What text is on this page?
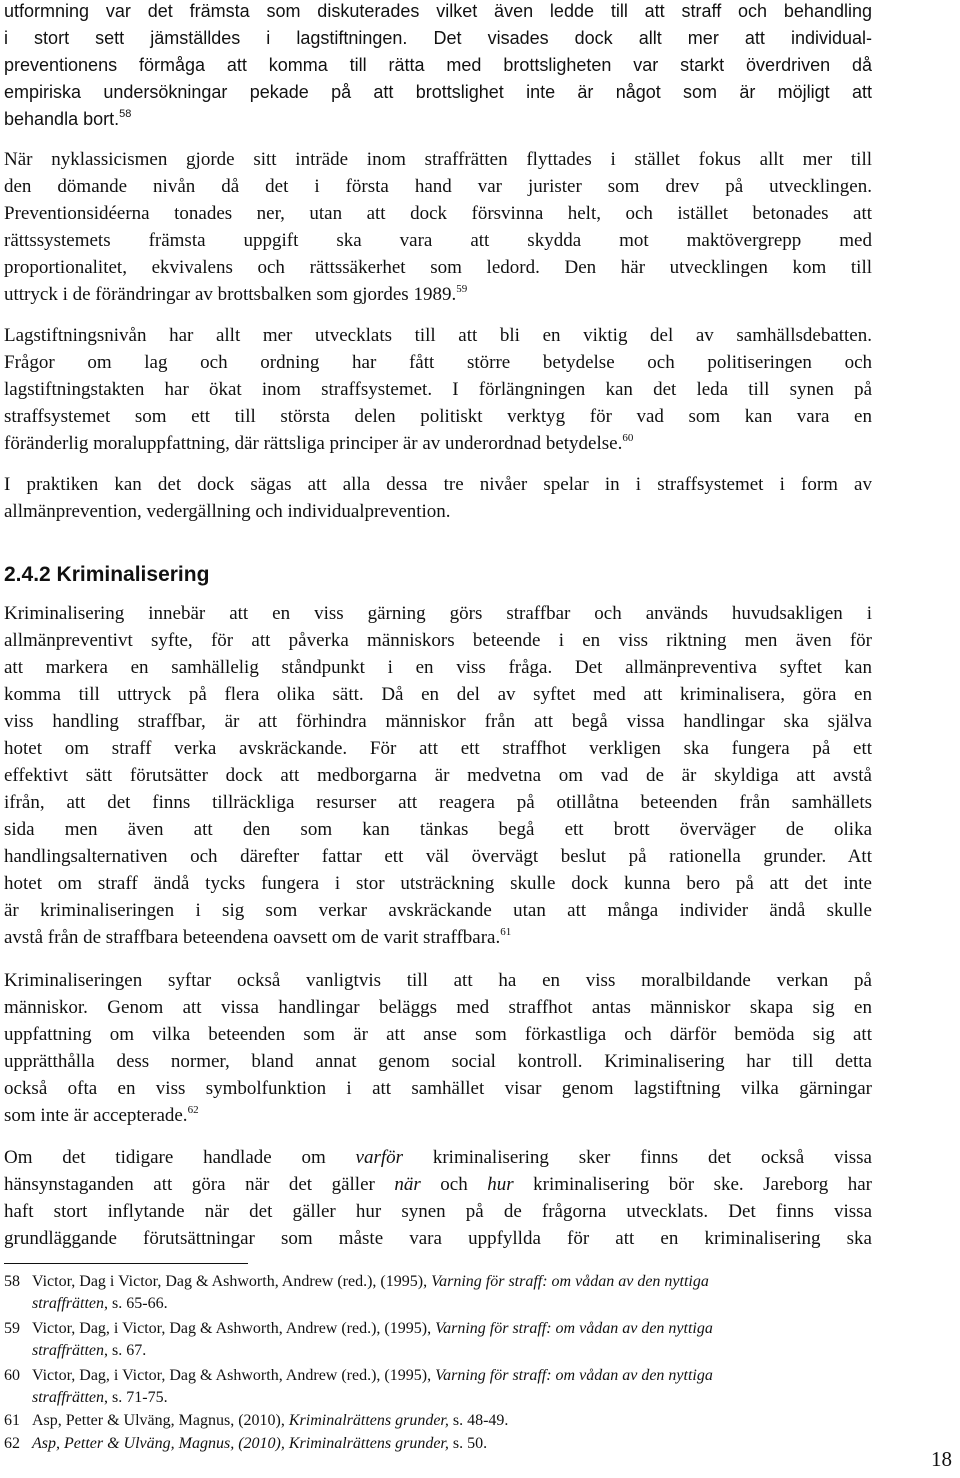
utformning var det främsta som diskuterades vilket även ledde till att straff och behandling
i stort sett jämställdes i lagstiftningen. Det visades dock allt mer att individual-
preventionens förmåga att komma till rätta med brottsligheten var starkt överdriven då
empiriska undersökningar pekade på att brottslighet inte är något som är möjligt att
behandla bort.$^{58}$
När nyklassicismen gjorde sitt inträde inom straffrätten flyttades i stället fokus allt mer till
den dömande nivån då det i första hand var jurister som drev på utvecklingen.
Preventionsidéerna tonades ner, utan att dock försvinna helt, och istället betonades att
rättssystemets främsta uppgift ska vara att skydda mot maktövergrepp med
proportionalitet, ekvivalens och rättssäkerhet som ledord. Den här utvecklingen kom till
uttryck i de förändringar av brottsbalken som gjordes 1989.59
Lagstiftningsnivån har allt mer utvecklats till att bli en viktig del av samhällsdebatten.
Frågor om lag och ordning har fått större betydelse och politiseringen och
lagstiftningstakten har ökat inom straffsystemet. I förlängningen kan det leda till synen på
straffsystemet som ett till största delen politiskt verktyg för vad som kan vara en
föränderlig moraluppfattning, där rättsliga principer är av underordnad betydelse.$^{60}$
I praktiken kan det dock sägas att alla dessa tre nivåer spelar in i straffsystemet i form av
allmänprevention, vedergällning och individualprevention.
2.4.2 Kriminalisering
Kriminalisering innebär att en viss gärning görs straffbar och används huvudsakligen i
allmänpreventivt syfte, för att påverka människors beteende i en viss riktning men även för
att markera en samhällelig ståndpunkt i en viss fråga. Det allmänpreventiva syftet kan
komma till uttryck på flera olika sätt. Då en del av syftet med att kriminalisera, göra en
viss handling straffbar, är att förhindra människor från att begå vissa handlingar ska själva
hotet om straff verka avskräckande. För att ett straffhot verkligen ska fungera på ett
effektivt sätt förutsätter dock att medborgarna är medvetna om vad de är skyldiga att avstå
ifrån, att det finns tillräckliga resurser att reagera på otillåtna beteenden från samhällets
sida men även att den som kan tänkas begå ett brott överväger de olika
handlingsalternativen och därefter fattar ett väl övervägt beslut på rationella grunder. Att
hotet om straff ändå tycks fungera i stor utsträckning skulle dock kunna bero på att det inte
är kriminaliseringen i sig som verkar avskräckande utan att många individer ändå skulle
avstå från de straffbara beteendena oavsett om de varit straffbara.$^{61}$
Kriminaliseringen syftar också vanligtvis till att ha en viss moralbildande verkan på
människor. Genom att vissa handlingar beläggs med straffhot antas människor skapa sig en
uppfattning om vilka beteenden som är att anse som förkastliga och därför bemöda sig att
upprätthålla dess normer, bland annat genom social kontroll. Kriminalisering har till detta
också ofta en viss symbolfunktion i att samhället visar genom lagstiftning vilka gärningar
som inte är accepterade.$^{62}$
Om det tidigare handlade om varför kriminalisering sker finns det också vissa
hänsynstaganden att göra när det gäller när och hur kriminalisering bör ske. Jareborg har
haft stort inflytande när det gäller hur synen på de frågorna utvecklats. Det finns vissa
grundläggande förutsättningar som måste vara uppfyllda för att en kriminalisering ska
58 Victor, Dag i Victor, Dag & Ashworth, Andrew (red.), (1995), Varning för straff: om vådan av den nyttiga
straffrätten, s. 65-66.
59 Victor, Dag, i Victor, Dag & Ashworth, Andrew (red.), (1995), Varning för straff: om vådan av den nyttiga
straffrätten, s. 67.
60 Victor, Dag, i Victor, Dag & Ashworth, Andrew (red.), (1995), Varning för straff: om vådan av den nyttiga
straffrätten, s. 71-75.
61 Asp, Petter & Ulväng, Magnus, (2010), Kriminalrättens grunder, s. 48-49.
62 Asp, Petter & Ulväng, Magnus, (2010), Kriminalrättens grunder, s. 50.
18
